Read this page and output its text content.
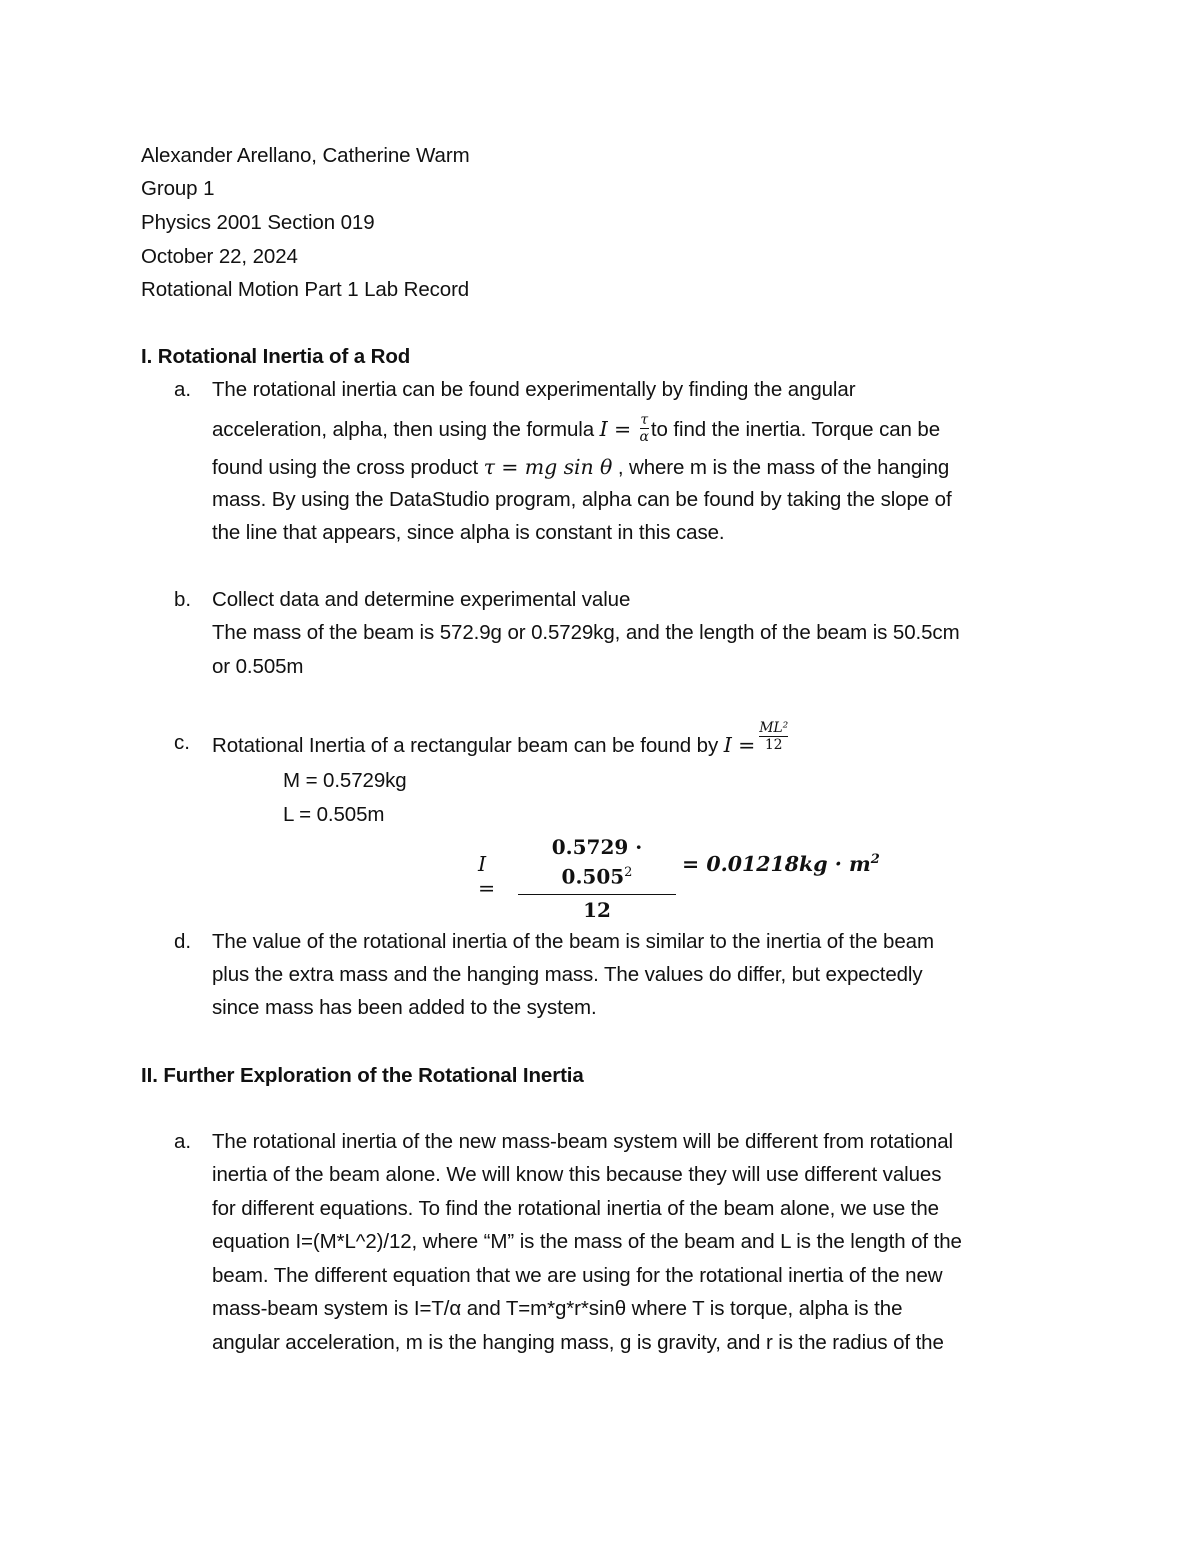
Alexander Arellano, Catherine Warm
Group 1
Physics 2001 Section 019
October 22, 2024
Rotational Motion Part 1 Lab Record
I. Rotational Inertia of a Rod
a. The rotational inertia can be found experimentally by finding the angular
acceleration, alpha, then using the formula $I = \frac{\tau}{\alpha}$ to find the inertia. Torque can be
found using the cross product τ = mg sin θ , where m is the mass of the hanging
mass. By using the DataStudio program, alpha can be found by taking the slope of
the line that appears, since alpha is constant in this case.
b. Collect data and determine experimental value
The mass of the beam is 572.9g or 0.5729kg, and the length of the beam is 50.5cm
or 0.505m
c. Rotational Inertia of a rectangular beam can be found by $I = \frac{\text{ML²}}{12}$
M = 0.5729kg
L = 0.505m
I =
$0.5729 \cdot 0.505^2$
12
= $0.01218kg \cdot m^2$
d. The value of the rotational inertia of the beam is similar to the inertia of the beam
plus the extra mass and the hanging mass. The values do differ, but expectedly
since mass has been added to the system.
II. Further Exploration of the Rotational Inertia
a. The rotational inertia of the new mass-beam system will be different from rotational
inertia of the beam alone. We will know this because they will use different values
for different equations. To find the rotational inertia of the beam alone, we use the
equation I=(M*L^2)/12, where “M” is the mass of the beam and L is the length of the
beam. The different equation that we are using for the rotational inertia of the new
mass-beam system is I=T/α and T=m*g*r*sinθ where T is torque, alpha is the
angular acceleration, m is the hanging mass, g is gravity, and r is the radius of the
